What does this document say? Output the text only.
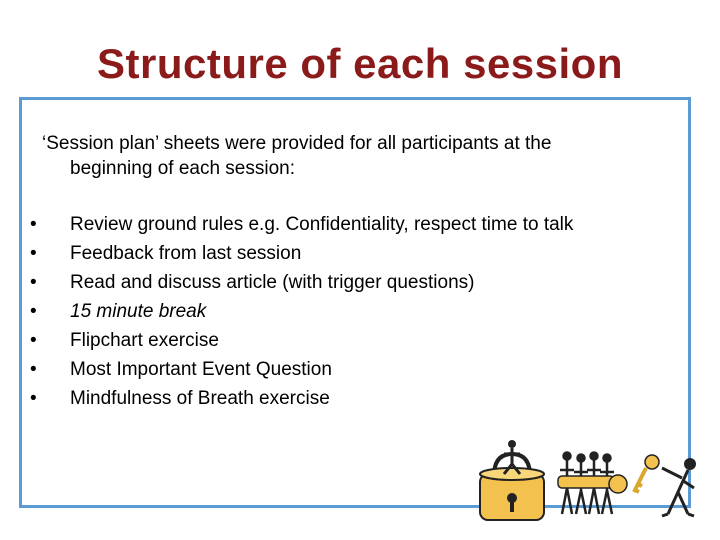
Structure of each session
‘Session plan’ sheets were provided for all participants at the
beginning of each session:
• Review ground rules e.g. Confidentiality, respect time to talk
• Feedback from last session
• Read and discuss article (with trigger questions)
• 15 minute break
• Flipchart exercise
• Most Important Event Question
• Mindfulness of Breath exercise
